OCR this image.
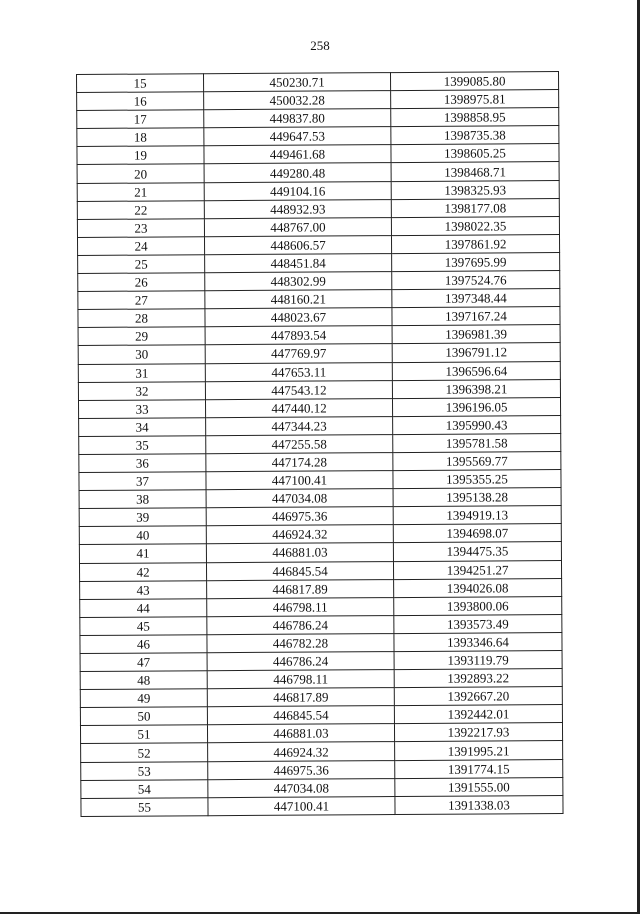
258
15	450230.71	1399085.80
16	450032.28	1398975.81
17	449837.80	1398858.95
18	449647.53	1398735.38
19	449461.68	1398605.25
20	449280.48	1398468.71
21	449104.16	1398325.93
22	448932.93	1398177.08
23	448767.00	1398022.35
24	448606.57	1397861.92
25	448451.84	1397695.99
26	448302.99	1397524.76
27	448160.21	1397348.44
28	448023.67	1397167.24
29	447893.54	1396981.39
30	447769.97	1396791.12
31	447653.11	1396596.64
32	447543.12	1396398.21
33	447440.12	1396196.05
34	447344.23	1395990.43
35	447255.58	1395781.58
36	447174.28	1395569.77
37	447100.41	1395355.25
38	447034.08	1395138.28
39	446975.36	1394919.13
40	446924.32	1394698.07
41	446881.03	1394475.35
42	446845.54	1394251.27
43	446817.89	1394026.08
44	446798.11	1393800.06
45	446786.24	1393573.49
46	446782.28	1393346.64
47	446786.24	1393119.79
48	446798.11	1392893.22
49	446817.89	1392667.20
50	446845.54	1392442.01
51	446881.03	1392217.93
52	446924.32	1391995.21
53	446975.36	1391774.15
54	447034.08	1391555.00
55	447100.41	1391338.03
